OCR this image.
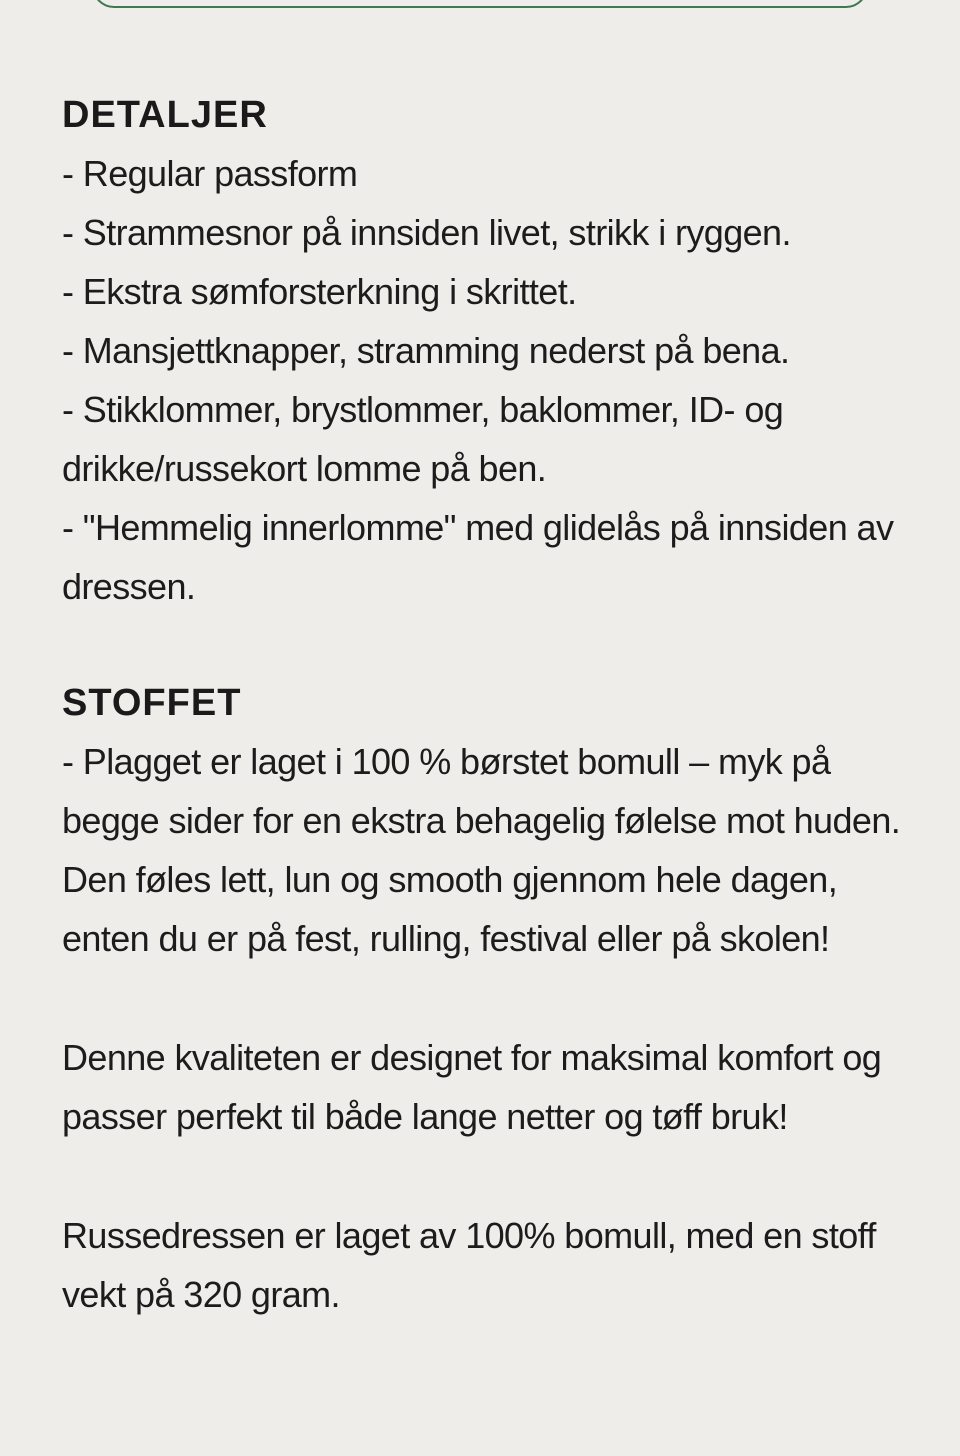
DETALJER

- Regular passform

- Strammesnor på innsiden livet, strikk i ryggen.

- Ekstra sømforsterkning i skrittet.

- Mansjettknapper, stramming nederst på bena.

- Stikklommer, brystlommer, baklommer, ID- og drikke/russekort lomme på ben.

- "Hemmelig innerlomme" med glidelås på innsiden av dressen.

STOFFET

- Plagget er laget i 100 % børstet bomull – myk på begge sider for en ekstra behagelig følelse mot huden. Den føles lett, lun og smooth gjennom hele dagen, enten du er på fest, rulling, festival eller på skolen!

Denne kvaliteten er designet for maksimal komfort og passer perfekt til både lange netter og tøff bruk!

Russedressen er laget av 100% bomull, med en stoff vekt på 320 gram.
